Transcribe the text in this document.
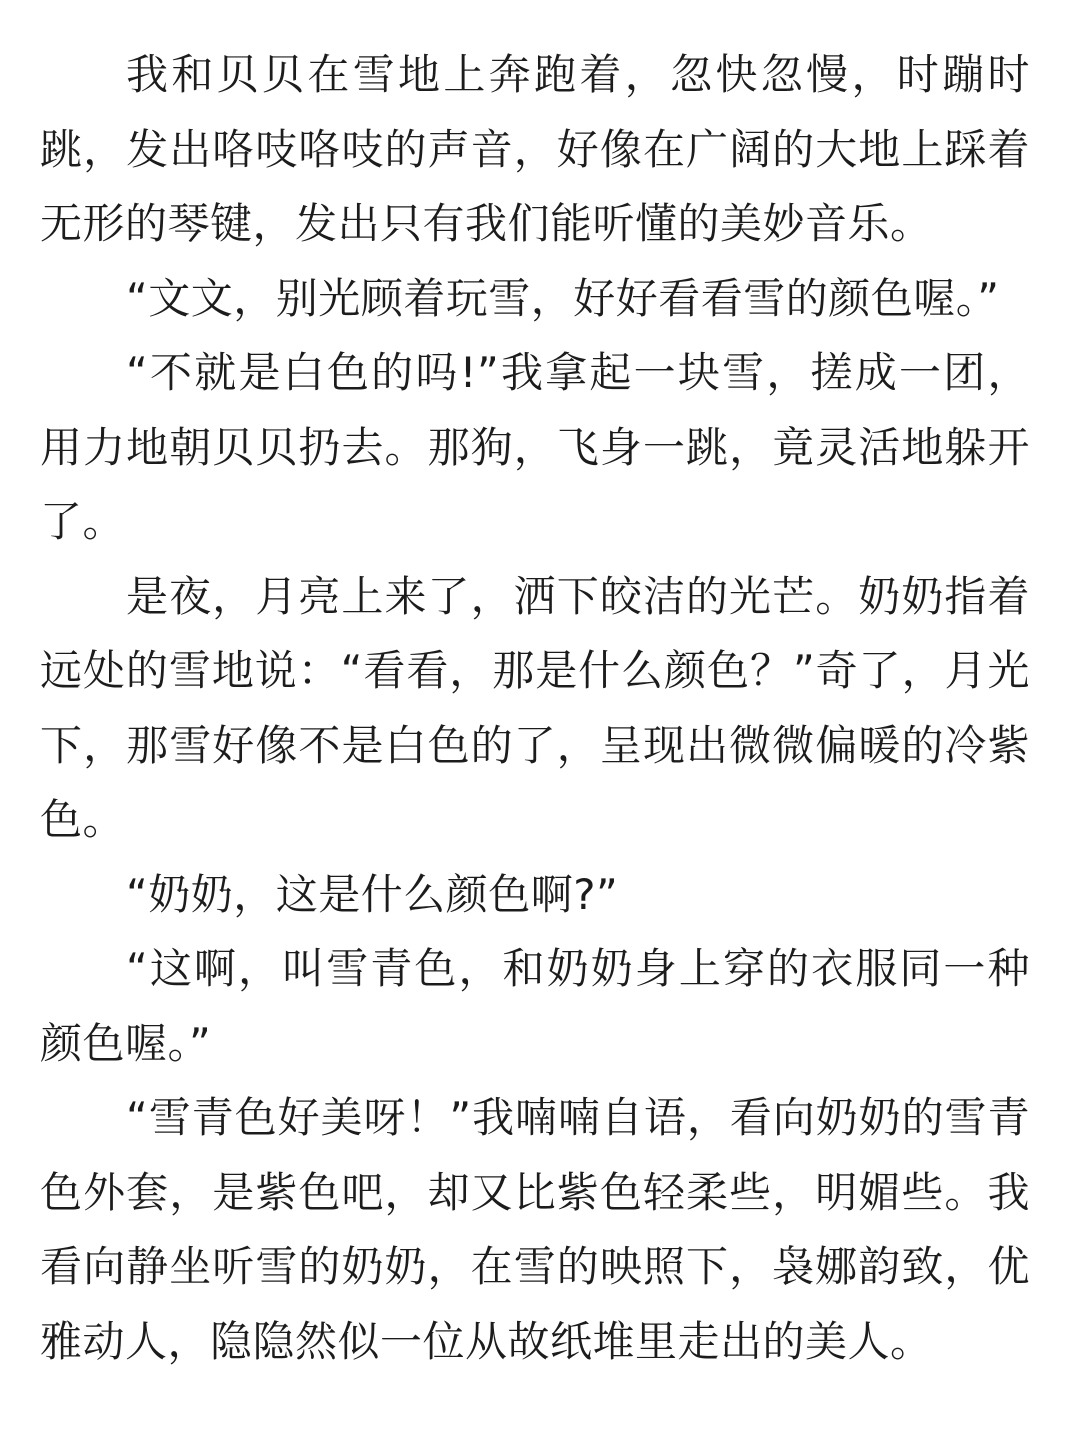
我和贝贝在雪地上奔跑着，忽快忽慢，时蹦时跳，发出咯吱咯吱的声音，好像在广阔的大地上踩着无形的琴键，发出只有我们能听懂的美妙音乐。

“文文，别光顾着玩雪，好好看看雪的颜色喔。”

“不就是白色的吗!”我拿起一块雪，搓成一团，用力地朝贝贝扔去。那狗，飞身一跳，竟灵活地躲开了。

是夜，月亮上来了，洒下皎洁的光芒。奶奶指着远处的雪地说：“看看，那是什么颜色？”奇了，月光下，那雪好像不是白色的了，呈现出微微偏暖的冷紫色。

“奶奶，这是什么颜色啊?”

“这啊，叫雪青色，和奶奶身上穿的衣服同一种颜色喔。”

“雪青色好美呀！”我喃喃自语，看向奶奶的雪青色外套，是紫色吧，却又比紫色轻柔些，明媚些。我看向静坐听雪的奶奶，在雪的映照下，袅娜韵致，优雅动人，隐隐然似一位从故纸堆里走出的美人。
